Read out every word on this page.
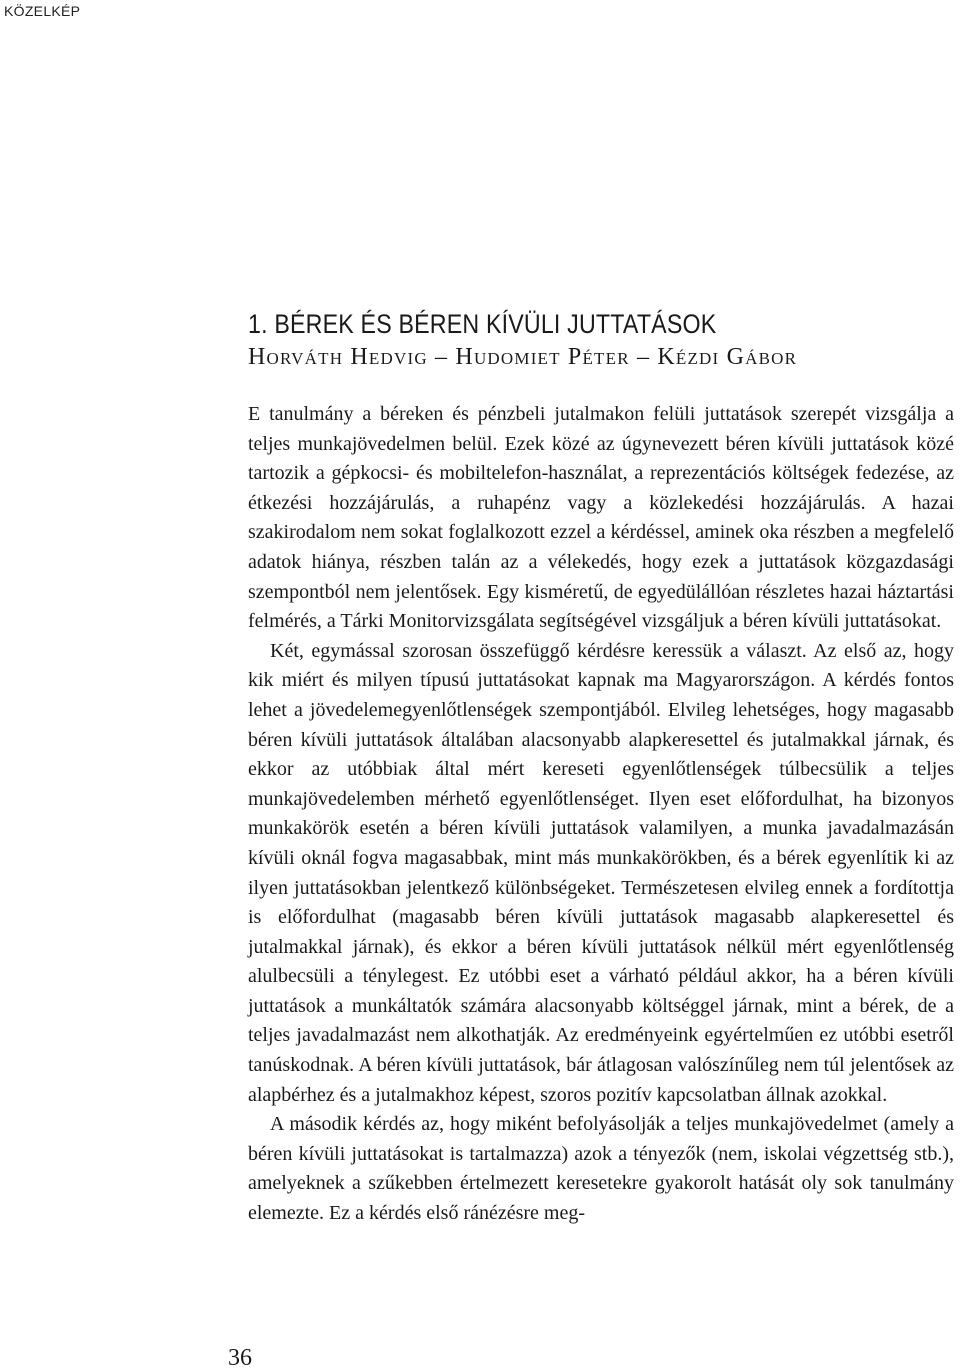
KÖZELKÉP
1. BÉREK ÉS BÉREN KÍVÜLI JUTTATÁSOK
Horváth Hedvig – Hudomiet Péter – Kézdi Gábor

E tanulmány a béreken és pénzbeli jutalmakon felüli juttatások szerepét vizsgálja a teljes munkajövedelmen belül. Ezek közé az úgynevezett béren kívüli juttatások közé tartozik a gépkocsi- és mobiltelefon-használat, a reprezentációs költségek fedezése, az étkezési hozzájárulás, a ruhapénz vagy a közlekedési hozzájárulás. A hazai szakirodalom nem sokat foglalkozott ezzel a kérdéssel, aminek oka részben a megfelelő adatok hiánya, részben talán az a vélekedés, hogy ezek a juttatások közgazdasági szempontból nem jelentősek. Egy kisméretű, de egyedülállóan részletes hazai háztartási felmérés, a Tárki Monitorvizsgálata segítségével vizsgáljuk a béren kívüli juttatásokat.

Két, egymással szorosan összefüggő kérdésre keressük a választ. Az első az, hogy kik miért és milyen típusú juttatásokat kapnak ma Magyarországon. A kérdés fontos lehet a jövedelemegyenlőtlenségek szempontjából. Elvileg lehetséges, hogy magasabb béren kívüli juttatások általában alacsonyabb alapkeresettel és jutalmakkal járnak, és ekkor az utóbbiak által mért kereseti egyenlőtlenségek túlbecsülik a teljes munkajövedelemben mérhető egyenlőtlenséget. Ilyen eset előfordulhat, ha bizonyos munkakörök esetén a béren kívüli juttatások valamilyen, a munka javadalmazásán kívüli oknál fogva magasabbak, mint más munkakörökben, és a bérek egyenlítik ki az ilyen juttatásokban jelentkező különbségeket. Természetesen elvileg ennek a fordítottja is előfordulhat (magasabb béren kívüli juttatások magasabb alapkeresettel és jutalmakkal járnak), és ekkor a béren kívüli juttatások nélkül mért egyenlőtlenség alulbecsüli a ténylegest. Ez utóbbi eset a várható például akkor, ha a béren kívüli juttatások a munkáltatók számára alacsonyabb költséggel járnak, mint a bérek, de a teljes javadalmazást nem alkothatják. Az eredményeink egyértelműen ez utóbbi esetről tanúskodnak. A béren kívüli juttatások, bár átlagosan valószínűleg nem túl jelentősek az alapbérhez és a jutalmakhoz képest, szoros pozitív kapcsolatban állnak azokkal.

A második kérdés az, hogy miként befolyásolják a teljes munkajövedelmet (amely a béren kívüli juttatásokat is tartalmazza) azok a tényezők (nem, iskolai végzettség stb.), amelyeknek a szűkebben értelmezett keresetekre gyakorolt hatását oly sok tanulmány elemezte. Ez a kérdés első ránézésre meg-

36
